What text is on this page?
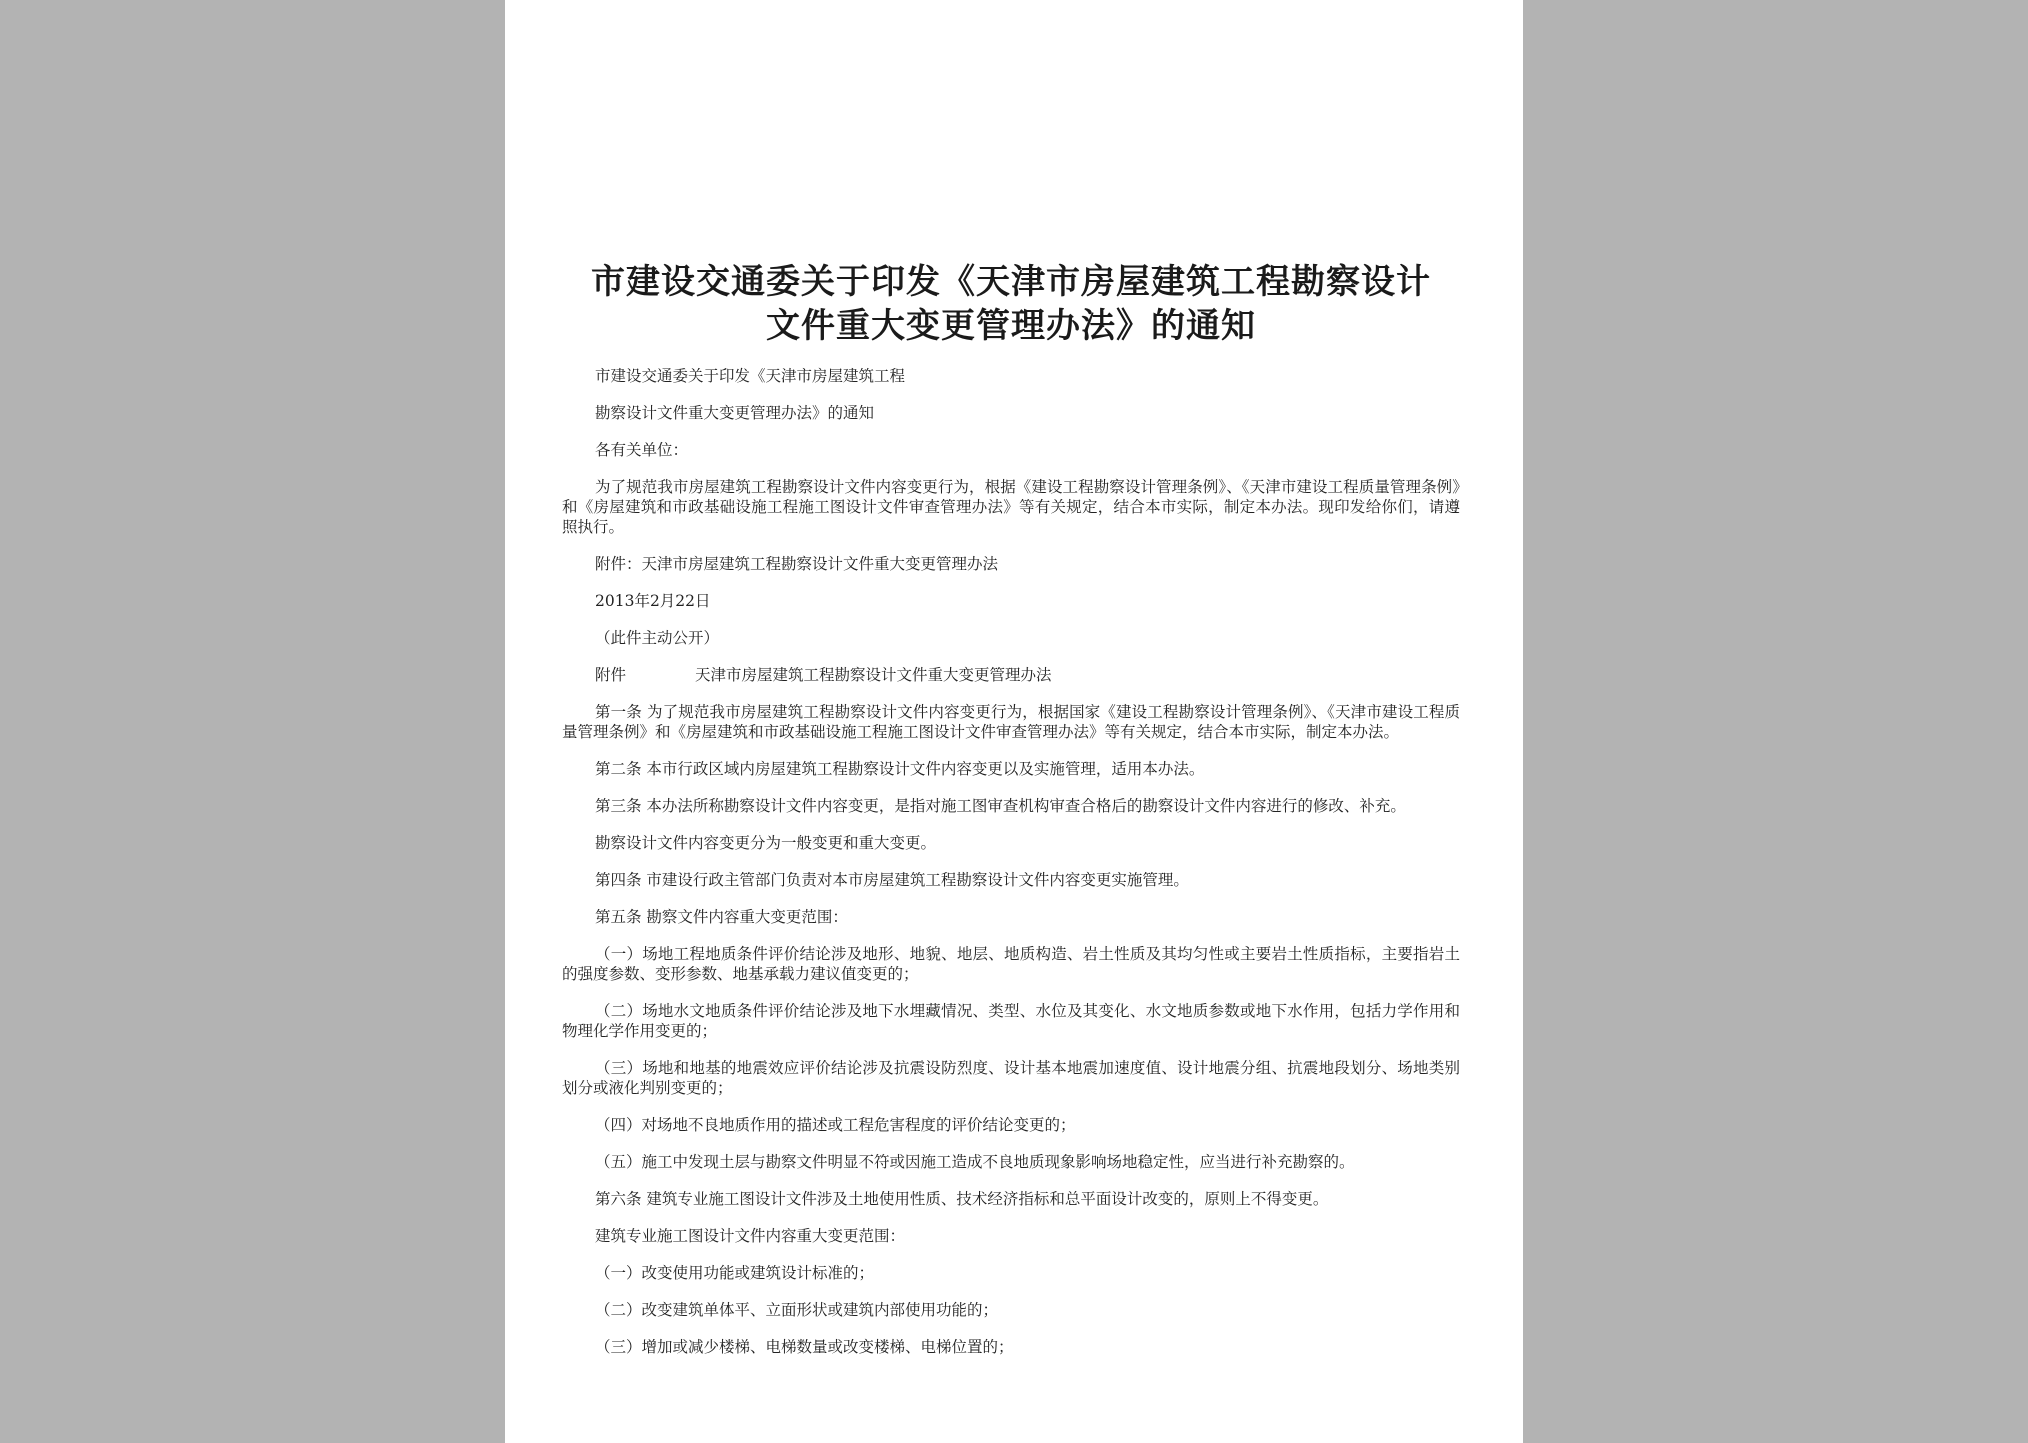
市建设交通委关于印发《天津市房屋建筑工程勘察设计
文件重大变更管理办法》的通知

市建设交通委关于印发《天津市房屋建筑工程

勘察设计文件重大变更管理办法》的通知

各有关单位：

为了规范我市房屋建筑工程勘察设计文件内容变更行为，根据《建设工程勘察设计管理条例》、《天津市建设工程质量管理条例》和《房屋建筑和市政基础设施工程施工图设计文件审查管理办法》等有关规定，结合本市实际，制定本办法。现印发给你们，请遵照执行。

附件：天津市房屋建筑工程勘察设计文件重大变更管理办法

2013年2月22日

（此件主动公开）

附件	天津市房屋建筑工程勘察设计文件重大变更管理办法

第一条 为了规范我市房屋建筑工程勘察设计文件内容变更行为，根据国家《建设工程勘察设计管理条例》、《天津市建设工程质量管理条例》和《房屋建筑和市政基础设施工程施工图设计文件审查管理办法》等有关规定，结合本市实际，制定本办法。

第二条 本市行政区域内房屋建筑工程勘察设计文件内容变更以及实施管理，适用本办法。

第三条 本办法所称勘察设计文件内容变更，是指对施工图审查机构审查合格后的勘察设计文件内容进行的修改、补充。

勘察设计文件内容变更分为一般变更和重大变更。

第四条 市建设行政主管部门负责对本市房屋建筑工程勘察设计文件内容变更实施管理。

第五条 勘察文件内容重大变更范围：

（一）场地工程地质条件评价结论涉及地形、地貌、地层、地质构造、岩土性质及其均匀性或主要岩土性质指标，主要指岩土的强度参数、变形参数、地基承载力建议值变更的；

（二）场地水文地质条件评价结论涉及地下水埋藏情况、类型、水位及其变化、水文地质参数或地下水作用，包括力学作用和物理化学作用变更的；

（三）场地和地基的地震效应评价结论涉及抗震设防烈度、设计基本地震加速度值、设计地震分组、抗震地段划分、场地类别划分或液化判别变更的；

（四）对场地不良地质作用的描述或工程危害程度的评价结论变更的；

（五）施工中发现土层与勘察文件明显不符或因施工造成不良地质现象影响场地稳定性，应当进行补充勘察的。

第六条 建筑专业施工图设计文件涉及土地使用性质、技术经济指标和总平面设计改变的，原则上不得变更。

建筑专业施工图设计文件内容重大变更范围：

（一）改变使用功能或建筑设计标准的；

（二）改变建筑单体平、立面形状或建筑内部使用功能的；

（三）增加或减少楼梯、电梯数量或改变楼梯、电梯位置的；
